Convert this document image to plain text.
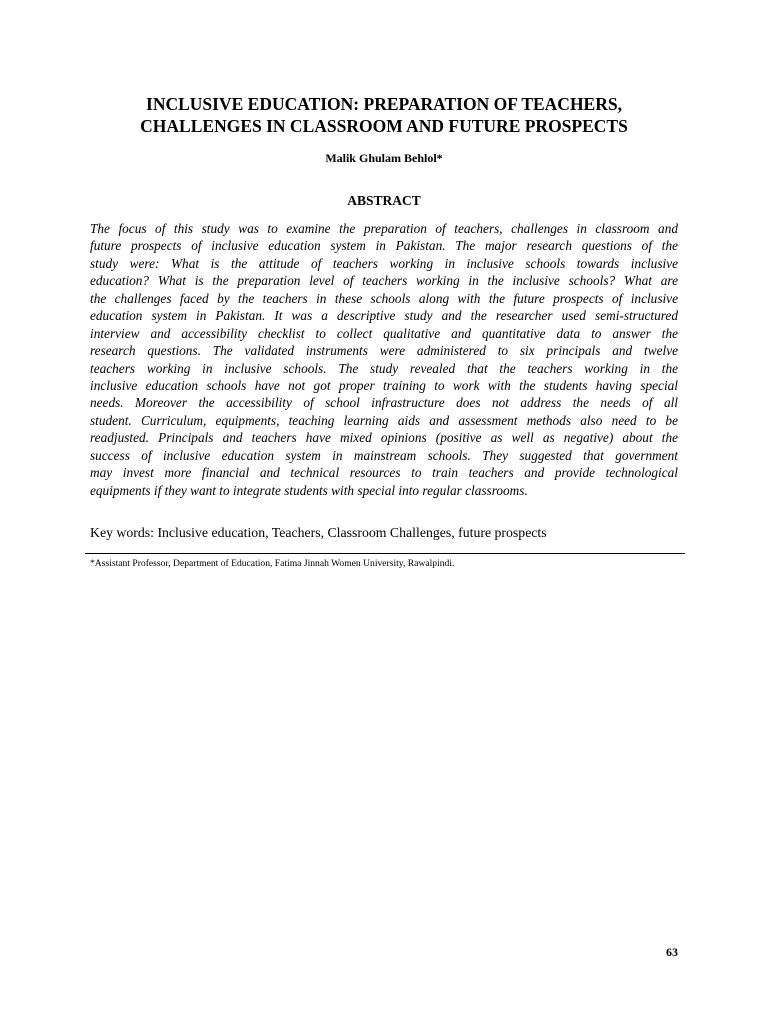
INCLUSIVE EDUCATION: PREPARATION OF TEACHERS,
CHALLENGES IN CLASSROOM AND FUTURE PROSPECTS

Malik Ghulam Behlol*

ABSTRACT
The focus of this study was to examine the preparation of teachers, challenges in classroom and
future prospects of inclusive education system in Pakistan. The major research questions of the
study were: What is the attitude of teachers working in inclusive schools towards inclusive
education? What is the preparation level of teachers working in the inclusive schools? What are
the challenges faced by the teachers in these schools along with the future prospects of inclusive
education system in Pakistan. It was a descriptive study and the researcher used semi-structured
interview and accessibility checklist to collect qualitative and quantitative data to answer the
research questions. The validated instruments were administered to six principals and twelve
teachers working in inclusive schools. The study revealed that the teachers working in the
inclusive education schools have not got proper training to work with the students having special
needs. Moreover the accessibility of school infrastructure does not address the needs of all
student. Curriculum, equipments, teaching learning aids and assessment methods also need to be
readjusted. Principals and teachers have mixed opinions (positive as well as negative) about the
success of inclusive education system in mainstream schools. They suggested that government
may invest more financial and technical resources to train teachers and provide technological
equipments if they want to integrate students with special into regular classrooms.

Key words: Inclusive education, Teachers, Classroom Challenges, future prospects

*Assistant Professor, Department of Education, Fatima Jinnah Women University, Rawalpindi.

63
